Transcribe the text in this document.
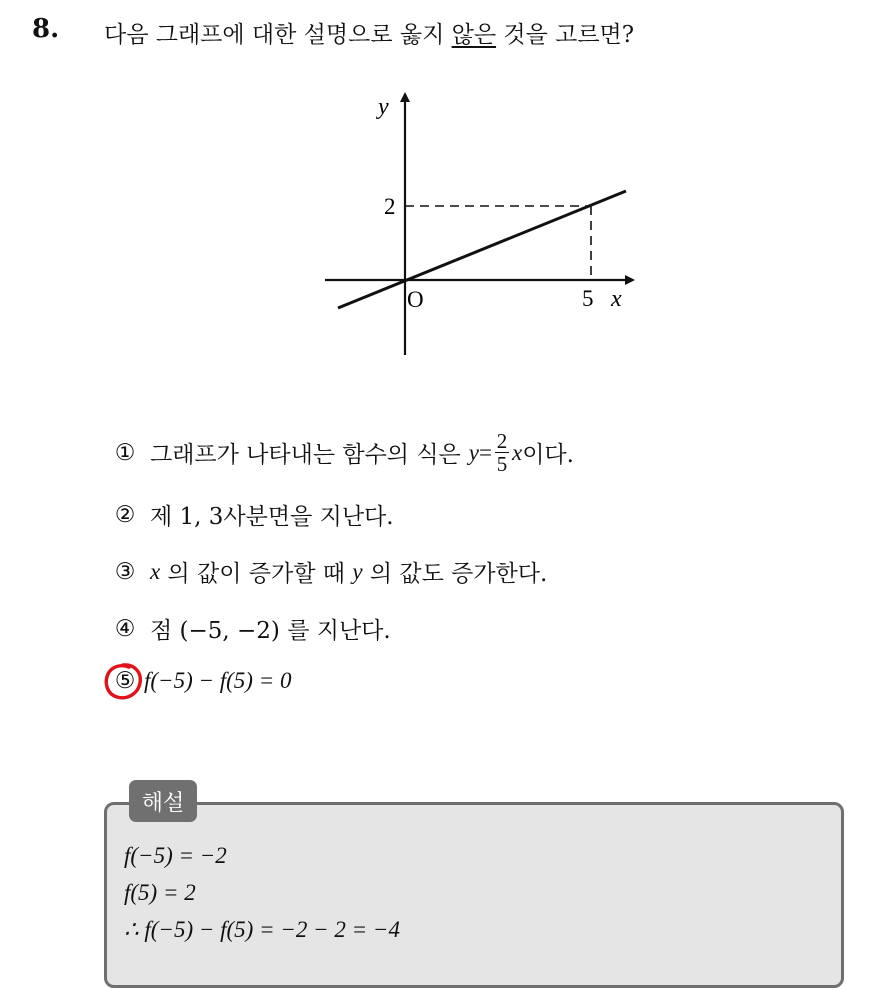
8. 다음 그래프에 대한 설명으로 옳지 않은 것을 고르면?
y
x
O	5
2
① 그래프가 나타내는 함수의 식은 $y = \frac{2}{5}$ x 이다.
② 제 1, 3사분면을 지난다.
③ x 의 값이 증가할 때 y 의 값도 증가한다.
④ 점 (−5, −2) 를 지난다.
⑤ f(−5) − f(5) = 0
해설
f(−5) = −2
f(5) = 2
∴ f(−5) − f(5) = −2 − 2 = −4
